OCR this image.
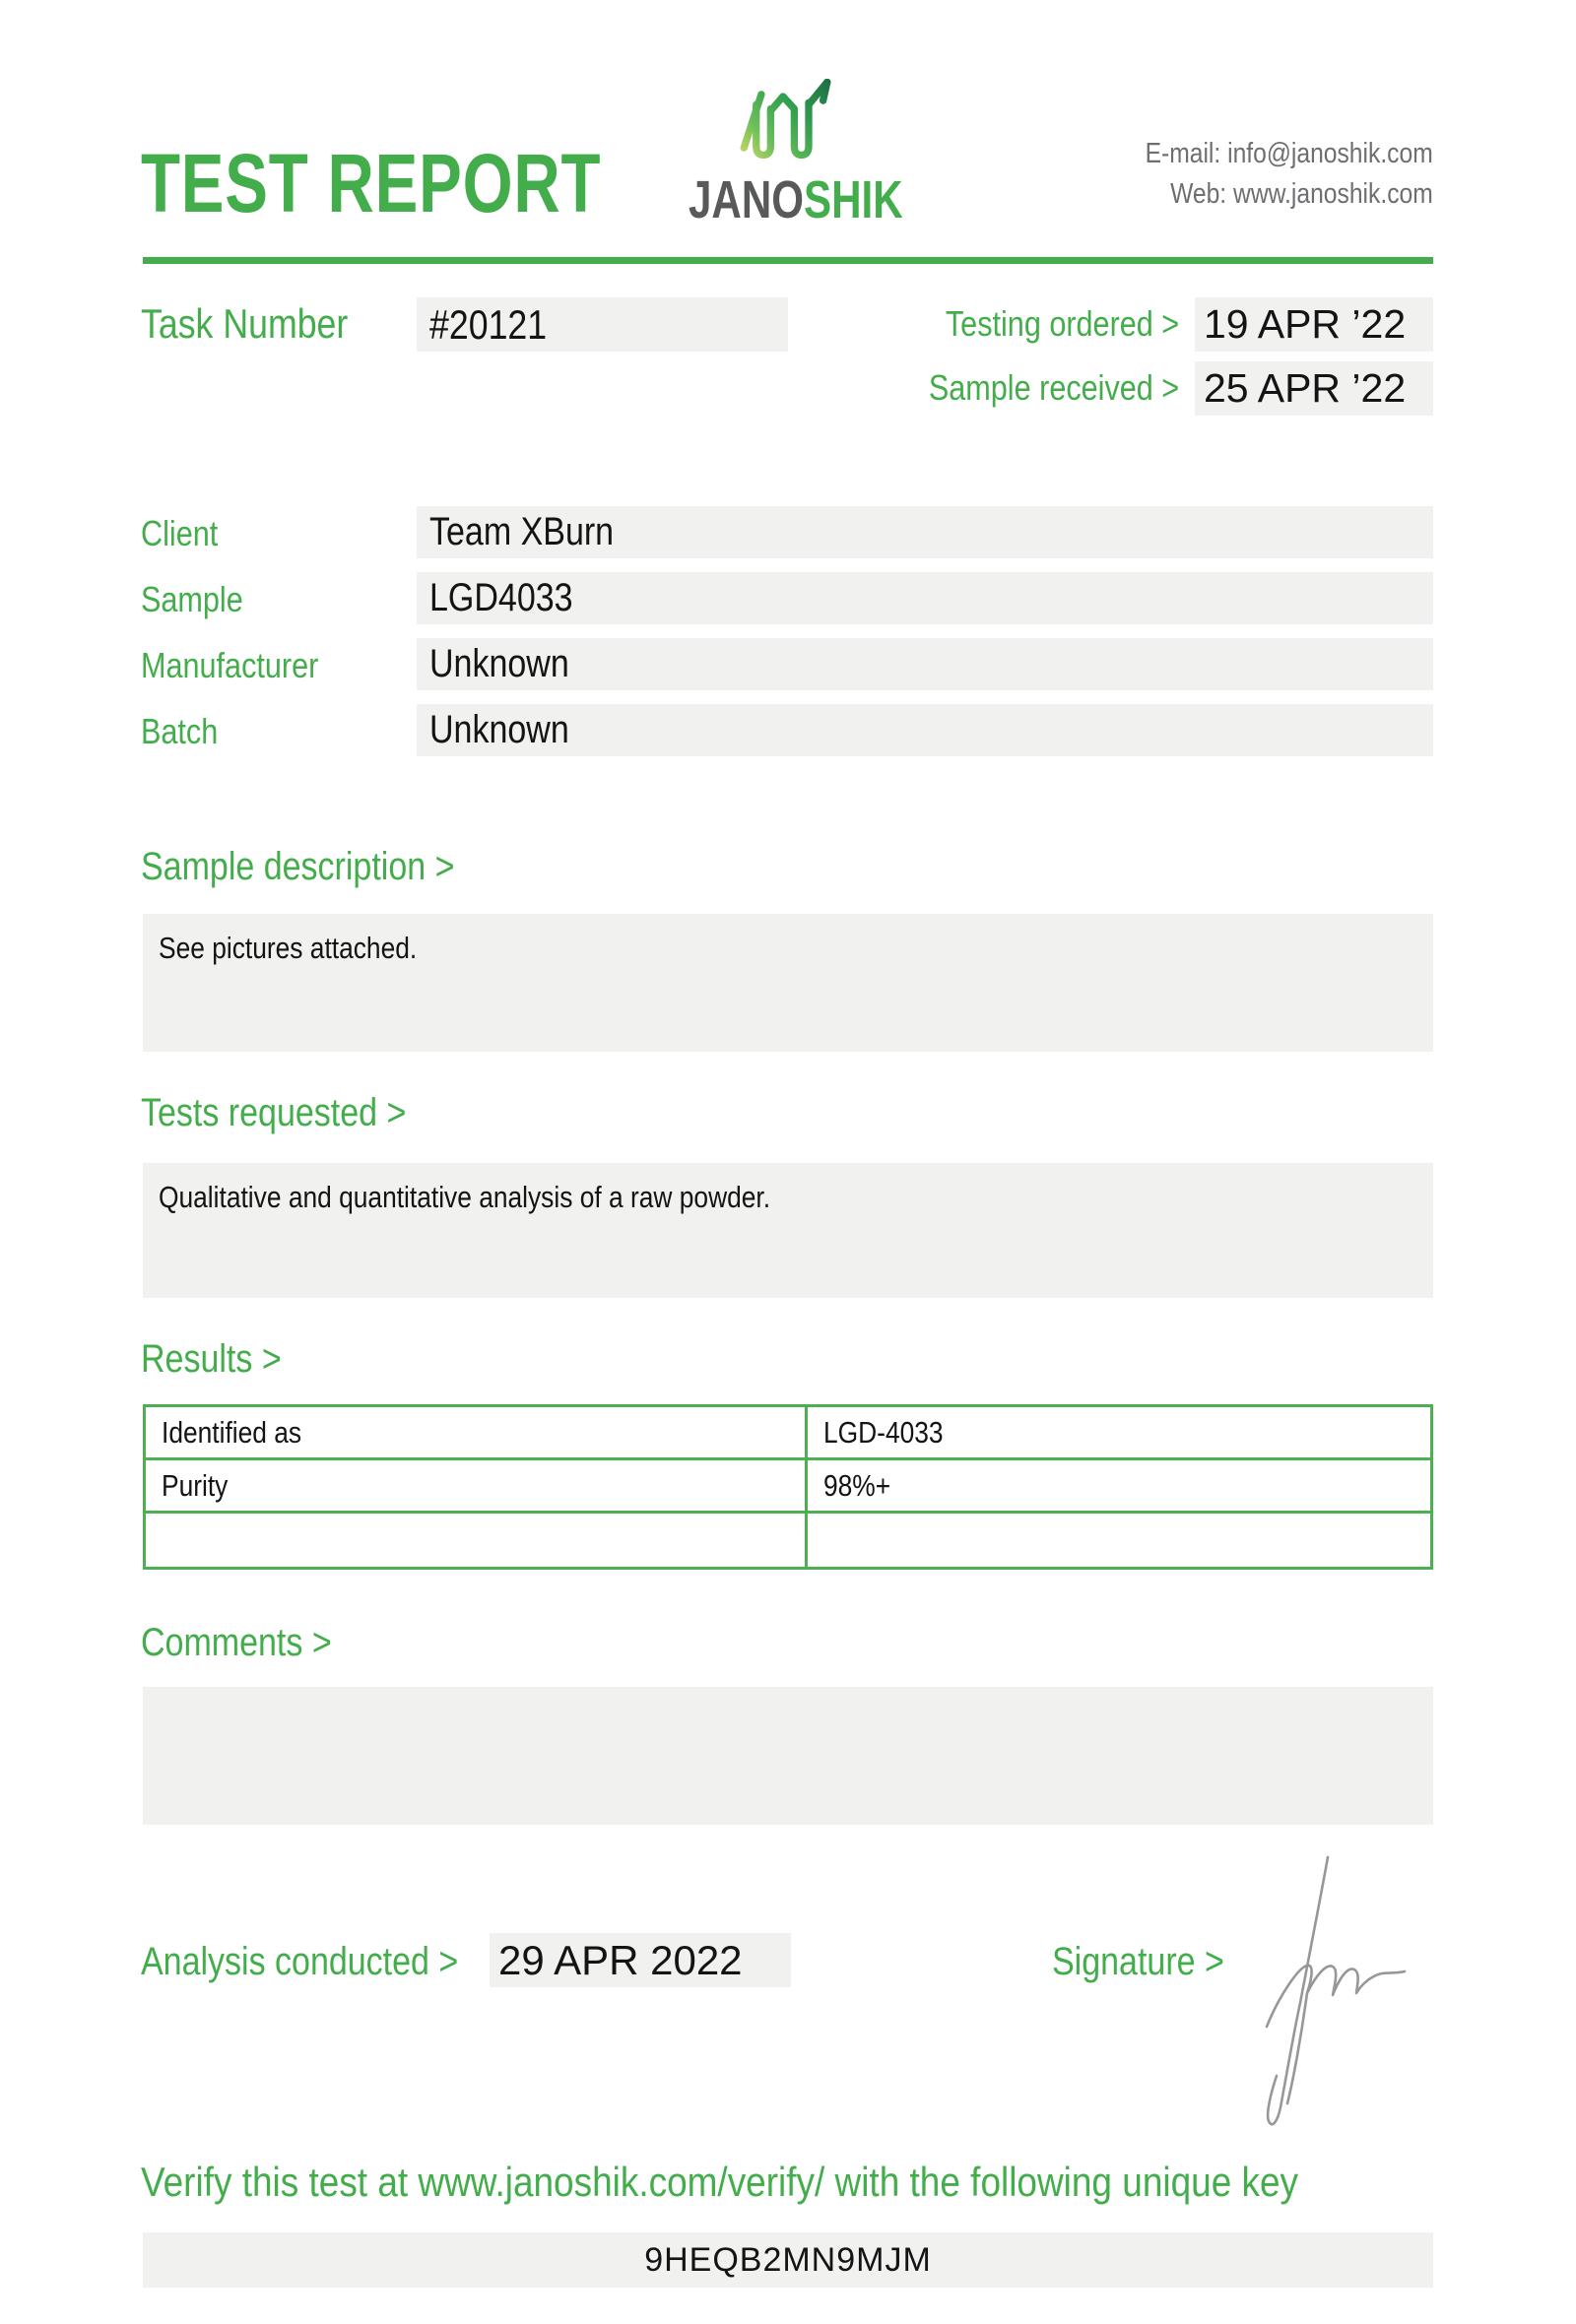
TEST REPORT	JANOSHIK
E-mail: info@janoshik.com
Web: www.janoshik.com
Task Number	#20121	Testing ordered > 19 APR ’22
Sample received > 25 APR ’22
Client	Team XBurn
Sample	LGD4033
Manufacturer	Unknown
Batch	Unknown
Sample description >
See pictures attached.
Tests requested >
Qualitative and quantitative analysis of a raw powder.
Results >
Identified as	LGD-4033
Purity	98%+

Comments >
Analysis conducted > 29 APR 2022	Signature >
Verify this test at www.janoshik.com/verify/ with the following unique key
9HEQB2MN9MJM
